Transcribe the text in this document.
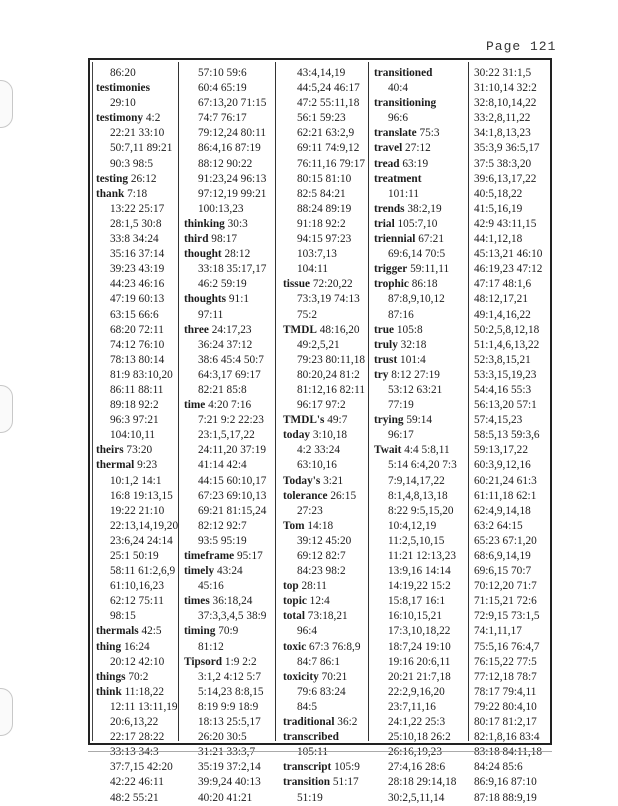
Page 121
86:20
testimonies
29:10
testimony 4:2
22:21 33:10
50:7,11 89:21
90:3 98:5
testing 26:12
thank 7:18
13:22 25:17
28:1,5 30:8
33:8 34:24
35:16 37:14
39:23 43:19
44:23 46:16
47:19 60:13
63:15 66:6
68:20 72:11
74:12 76:10
78:13 80:14
81:9 83:10,20
86:11 88:11
89:18 92:2
96:3 97:21
104:10,11
theirs 73:20
thermal 9:23
10:1,2 14:1
16:8 19:13,15
19:22 21:10
22:13,14,19,20
23:6,24 24:14
25:1 50:19
58:11 61:2,6,9
61:10,16,23
62:12 75:11
98:15
thermals 42:5
thing 16:24
20:12 42:10
things 70:2
think 11:18,22
12:11 13:11,19
20:6,13,22
22:17 28:22
33:13 34:3
37:7,15 42:20
42:22 46:11
48:2 55:21
57:10 59:6
60:4 65:19
67:13,20 71:15
74:7 76:17
79:12,24 80:11
86:4,16 87:19
88:12 90:22
91:23,24 96:13
97:12,19 99:21
100:13,23
thinking 30:3
third 98:17
thought 28:12
33:18 35:17,17
46:2 59:19
thoughts 91:1
97:11
three 24:17,23
36:24 37:12
38:6 45:4 50:7
64:3,17 69:17
82:21 85:8
time 4:20 7:16
7:21 9:2 22:23
23:1,5,17,22
24:11,20 37:19
41:14 42:4
44:15 60:10,17
67:23 69:10,13
69:21 81:15,24
82:12 92:7
93:5 95:19
timeframe 95:17
timely 43:24
45:16
times 36:18,24
37:3,3,4,5 38:9
timing 70:9
81:12
Tipsord 1:9 2:2
3:1,2 4:12 5:7
5:14,23 8:8,15
8:19 9:9 18:9
18:13 25:5,17
26:20 30:5
31:21 33:3,7
35:19 37:2,14
39:9,24 40:13
40:20 41:21
43:4,14,19
44:5,24 46:17
47:2 55:11,18
56:1 59:23
62:21 63:2,9
69:11 74:9,12
76:11,16 79:17
80:15 81:10
82:5 84:21
88:24 89:19
91:18 92:2
94:15 97:23
103:7,13
104:11
tissue 72:20,22
73:3,19 74:13
75:2
TMDL 48:16,20
49:2,5,21
79:23 80:11,18
80:20,24 81:2
81:12,16 82:11
96:17 97:2
TMDL's 49:7
today 3:10,18
4:2 33:24
63:10,16
Today's 3:21
tolerance 26:15
27:23
Tom 14:18
39:12 45:20
69:12 82:7
84:23 98:2
top 28:11
topic 12:4
total 73:18,21
96:4
toxic 67:3 76:8,9
84:7 86:1
toxicity 70:21
79:6 83:24
84:5
traditional 36:2
transcribed
105:11
transcript 105:9
transition 51:17
51:19
transitioned
40:4
transitioning
96:6
translate 75:3
travel 27:12
tread 63:19
treatment
101:11
trends 38:2,19
trial 105:7,10
triennial 67:21
69:6,14 70:5
trigger 59:11,11
trophic 86:18
87:8,9,10,12
87:16
true 105:8
truly 32:18
trust 101:4
try 8:12 27:19
53:12 63:21
77:19
trying 59:14
96:17
Twait 4:4 5:8,11
5:14 6:4,20 7:3
7:9,14,17,22
8:1,4,8,13,18
8:22 9:5,15,20
10:4,12,19
11:2,5,10,15
11:21 12:13,23
13:9,16 14:14
14:19,22 15:2
15:8,17 16:1
16:10,15,21
17:3,10,18,22
18:7,24 19:10
19:16 20:6,11
20:21 21:7,18
22:2,9,16,20
23:7,11,16
24:1,22 25:3
25:10,18 26:2
26:16,19,23
27:4,16 28:6
28:18 29:14,18
30:2,5,11,14
30:22 31:1,5
31:10,14 32:2
32:8,10,14,22
33:2,8,11,22
34:1,8,13,23
35:3,9 36:5,17
37:5 38:3,20
39:6,13,17,22
40:5,18,22
41:5,16,19
42:9 43:11,15
44:1,12,18
45:13,21 46:10
46:19,23 47:12
47:17 48:1,6
48:12,17,21
49:1,4,16,22
50:2,5,8,12,18
51:1,4,6,13,22
52:3,8,15,21
53:3,15,19,23
54:4,16 55:3
56:13,20 57:1
57:4,15,23
58:5,13 59:3,6
59:13,17,22
60:3,9,12,16
60:21,24 61:3
61:11,18 62:1
62:4,9,14,18
63:2 64:15
65:23 67:1,20
68:6,9,14,19
69:6,15 70:7
70:12,20 71:7
71:15,21 72:6
72:9,15 73:1,5
74:1,11,17
75:5,16 76:4,7
76:15,22 77:5
77:12,18 78:7
78:17 79:4,11
79:22 80:4,10
80:17 81:2,17
82:1,8,16 83:4
83:18 84:11,18
84:24 85:6
86:9,16 87:10
87:18 88:9,19
